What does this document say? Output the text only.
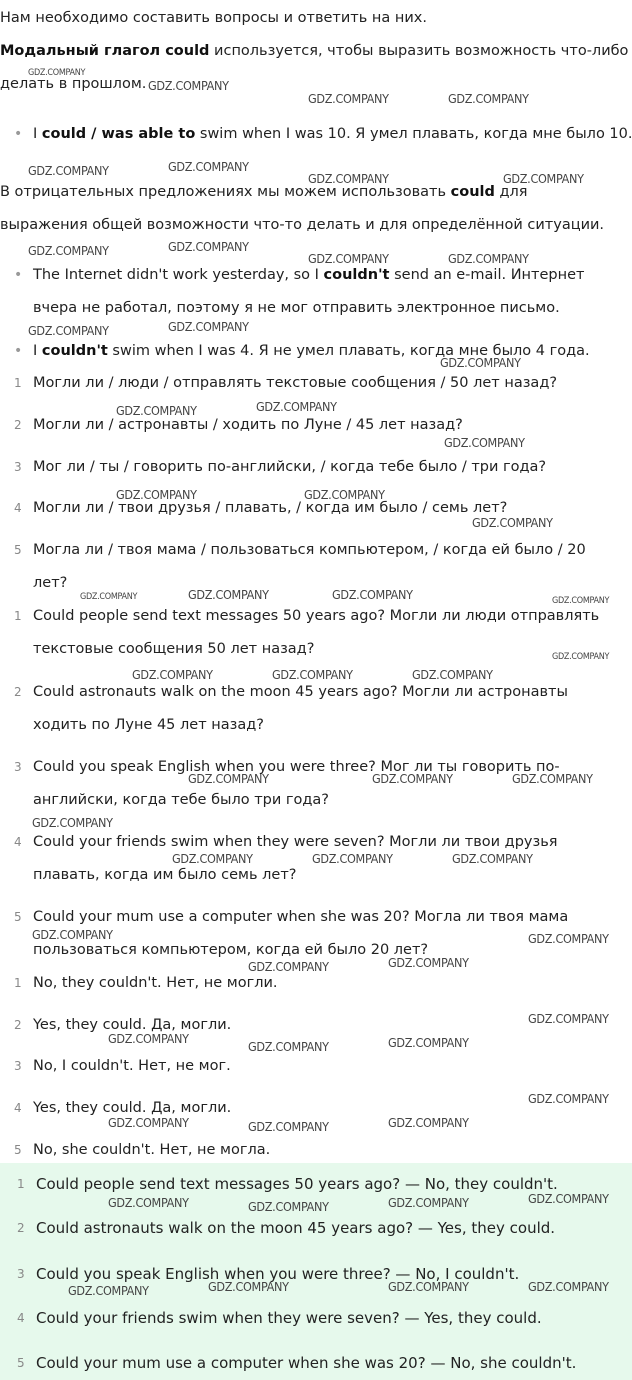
Нам необходимо составить вопросы и ответить на них.
Модальный глагол could используется, чтобы выразить возможность что-либо
делать в прошлом.
• I could / was able to swim when I was 10. Я умел плавать, когда мне было 10.
В отрицательных предложениях мы можем использовать could для
выражения общей возможности что-то делать и для определённой ситуации.
• The Internet didn't work yesterday, so I couldn't send an e-mail. Интернет
вчера не работал, поэтому я не мог отправить электронное письмо.
• I couldn't swim when I was 4. Я не умел плавать, когда мне было 4 года.
1 Могли ли / люди / отправлять текстовые сообщения / 50 лет назад?
2 Могли ли / астронавты / ходить по Луне / 45 лет назад?
3 Мог ли / ты / говорить по-английски, / когда тебе было / три года?
4 Могли ли / твои друзья / плавать, / когда им было / семь лет?
5 Могла ли / твоя мама / пользоваться компьютером, / когда ей было / 20
лет?
1 Could people send text messages 50 years ago? Могли ли люди отправлять
текстовые сообщения 50 лет назад?
2 Could astronauts walk on the moon 45 years ago? Могли ли астронавты
ходить по Луне 45 лет назад?
3 Could you speak English when you were three? Мог ли ты говорить по-
английски, когда тебе было три года?
4 Could your friends swim when they were seven? Могли ли твои друзья
плавать, когда им было семь лет?
5 Could your mum use a computer when she was 20? Могла ли твоя мама
пользоваться компьютером, когда ей было 20 лет?
1 No, they couldn't. Нет, не могли.
2 Yes, they could. Да, могли.
3 No, I couldn't. Нет, не мог.
4 Yes, they could. Да, могли.
5 No, she couldn't. Нет, не могла.
1 Could people send text messages 50 years ago? — No, they couldn't.
2 Could astronauts walk on the moon 45 years ago? — Yes, they could.
3 Could you speak English when you were three? — No, I couldn't.
4 Could your friends swim when they were seven? — Yes, they could.
5 Could your mum use a computer when she was 20? — No, she couldn't.
GDZ.COMPANY
GDZ.COMPANY
GDZ.COMPANY	GDZ.COMPANY
GDZ.COMPANY	GDZ.COMPANY
GDZ.COMPANY	GDZ.COMPANY
GDZ.COMPANY	GDZ.COMPANY
GDZ.COMPANY	GDZ.COMPANY
GDZ.COMPANY	GDZ.COMPANY
GDZ.COMPANY
GDZ.COMPANY	GDZ.COMPANY
GDZ.COMPANY
GDZ.COMPANY	GDZ.COMPANY
GDZ.COMPANY
GDZ.COMPANY	GDZ.COMPANY	GDZ.COMPANY	GDZ.COMPANY
GDZ.COMPANY
GDZ.COMPANY	GDZ.COMPANY	GDZ.COMPANY
GDZ.COMPANY	GDZ.COMPANY	GDZ.COMPANY
GDZ.COMPANY
GDZ.COMPANY	GDZ.COMPANY	GDZ.COMPANY
GDZ.COMPANY	GDZ.COMPANY
GDZ.COMPANY	GDZ.COMPANY
GDZ.COMPANY
GDZ.COMPANY
GDZ.COMPANY	GDZ.COMPANY
GDZ.COMPANY
GDZ.COMPANY	GDZ.COMPANY	GDZ.COMPANY
GDZ.COMPANY
GDZ.COMPANY	GDZ.COMPANY	GDZ.COMPANY
GDZ.COMPANY	GDZ.COMPANY	GDZ.COMPANY	GDZ.COMPANY
